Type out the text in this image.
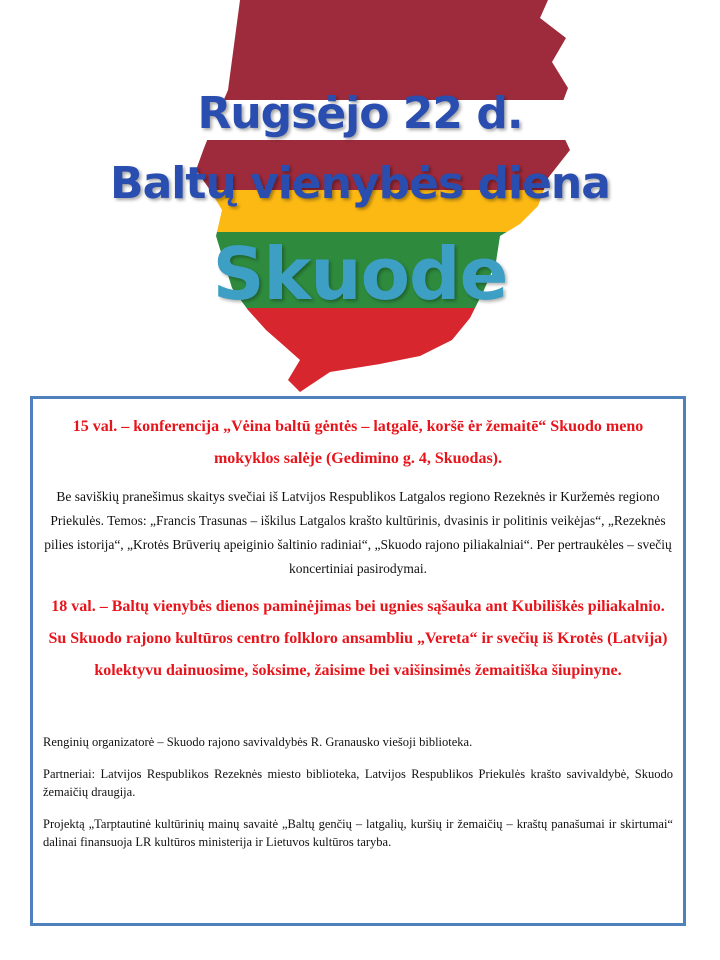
Rugsėjo 22 d.
Baltų vienybės diena
Skuode

15 val. – konferencija „Vėina baltū gėntės – latgalē, koršē ėr žemaitē“ Skuodo meno mokyklos salėje (Gedimino g. 4, Skuodas).

Be saviškių pranešimus skaitys svečiai iš Latvijos Respublikos Latgalos regiono Rezeknės ir Kuržemės regiono Priekulės. Temos: „Francis Trasunas – iškilus Latgalos krašto kultūrinis, dvasinis ir politinis veikėjas“, „Rezeknės pilies istorija“, „Krotės Brūverių apeiginio šaltinio radiniai“, „Skuodo rajono piliakalniai“. Per pertraukėles – svečių koncertiniai pasirodymai.

18 val. – Baltų vienybės dienos paminėjimas bei ugnies sąšauka ant Kubiliškės piliakalnio. Su Skuodo rajono kultūros centro folkloro ansambliu „Vereta“ ir svečių iš Krotės (Latvija) kolektyvu dainuosime, šoksime, žaisime bei vaišinsimės žemaitiška šiupinyne.

Renginių organizatorė – Skuodo rajono savivaldybės R. Granausko viešoji biblioteka.

Partneriai: Latvijos Respublikos Rezeknės miesto biblioteka, Latvijos Respublikos Priekulės krašto savivaldybė, Skuodo žemaičių draugija.

Projektą „Tarptautinė kultūrinių mainų savaitė „Baltų genčių – latgalių, kuršių ir žemaičių – kraštų panašumai ir skirtumai“ dalinai finansuoja LR kultūros ministerija ir Lietuvos kultūros taryba.
